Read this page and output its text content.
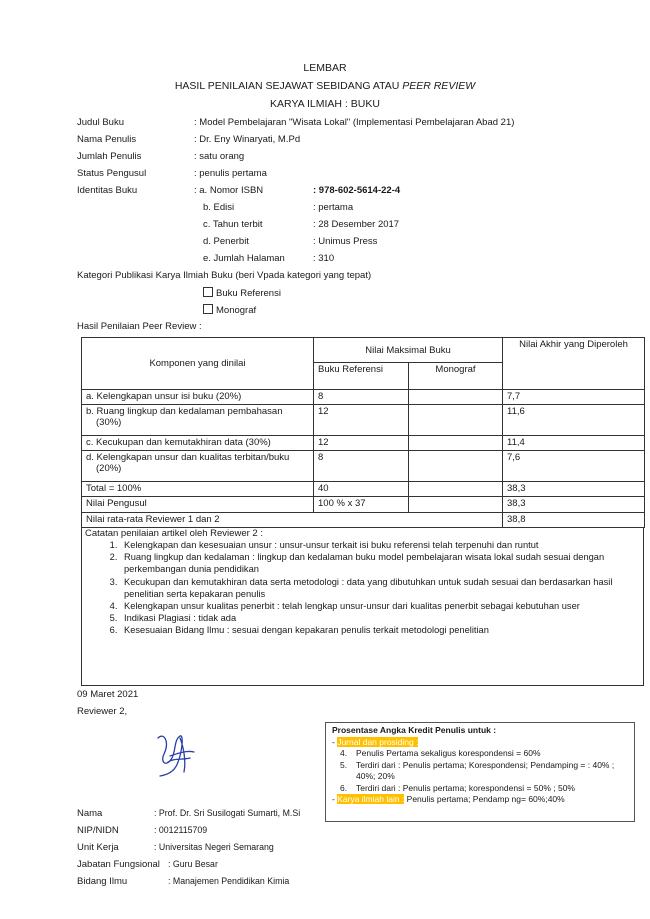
LEMBAR
HASIL PENILAIAN SEJAWAT SEBIDANG ATAU PEER REVIEW
KARYA ILMIAH : BUKU
Judul Buku	: Model Pembelajaran "Wisata Lokal" (Implementasi Pembelajaran Abad 21)
Nama Penulis	: Dr. Eny Winaryati, M.Pd
Jumlah Penulis	: satu orang
Status Pengusul	: penulis pertama
Identitas Buku	: a. Nomor ISBN	: 978-602-5614-22-4
b. Edisi	: pertama
c. Tahun terbit	: 28 Desember 2017
d. Penerbit	: Unimus Press
e. Jumlah Halaman	: 310
Kategori Publikasi Karya Ilmiah Buku (beri Vpada kategori yang tepat)
Buku Referensi
Monograf
Hasil Penilaian Peer Review :
Komponen yang dinilai	Nilai Maksimal Buku		Nilai Akhir yang Diperoleh
	Buku Referensi	Monograf	
a. Kelengkapan unsur isi buku (20%)	8		7,7
b. Ruang lingkup dan kedalaman pembahasan (30%)	12		11,6
c. Kecukupan dan kemutakhiran data (30%)	12		11,4
d. Kelengkapan unsur dan kualitas terbitan/buku (20%)	8		7,6
Total = 100%	40		38,3
Nilai Pengusul	100 % x 37		38,3
Nilai rata-rata Reviewer 1 dan 2			38,8
Catatan penilaian artikel oleh Reviewer 2 :
1. Kelengkapan dan kesesuaian unsur : unsur-unsur terkait isi buku referensi telah terpenuhi dan runtut
2. Ruang lingkup dan kedalaman : lingkup dan kedalaman buku model pembelajaran wisata lokal sudah sesuai dengan perkembangan dunia pendidikan
3. Kecukupan dan kemutakhiran data serta metodologi : data yang dibutuhkan untuk sudah sesuai dan berdasarkan hasil penelitian serta kepakaran penulis
4. Kelengkapan unsur kualitas penerbit : telah lengkap unsur-unsur dari kualitas penerbit sebagai kebutuhan user
5. Indikasi Plagiasi : tidak ada
6. Kesesuaian Bidang Ilmu : sesuai dengan kepakaran penulis terkait metodologi penelitian
09 Maret 2021
Reviewer 2,
Nama	: Prof. Dr. Sri Susilogati Sumarti, M.Si
NIP/NIDN	: 0012115709
Unit Kerja	: Universitas Negeri Semarang
Jabatan Fungsional : Guru Besar
Bidang Ilmu	: Manajemen Pendidikan Kimia
Prosentase Angka Kredit Penulis untuk :
- Jurnal dan prosiding :
4.	Penulis Pertama sekaligus korespondensi = 60%
5.	Terdiri dari : Penulis pertama; Korespondensi; Pendamping = : 40% ; 40%; 20%
6.	Terdiri dari : Penulis pertama; korespondensi = 50% ; 50%
- Karya ilmiah lain : Penulis pertama; Pendamp ng= 60%;40%
